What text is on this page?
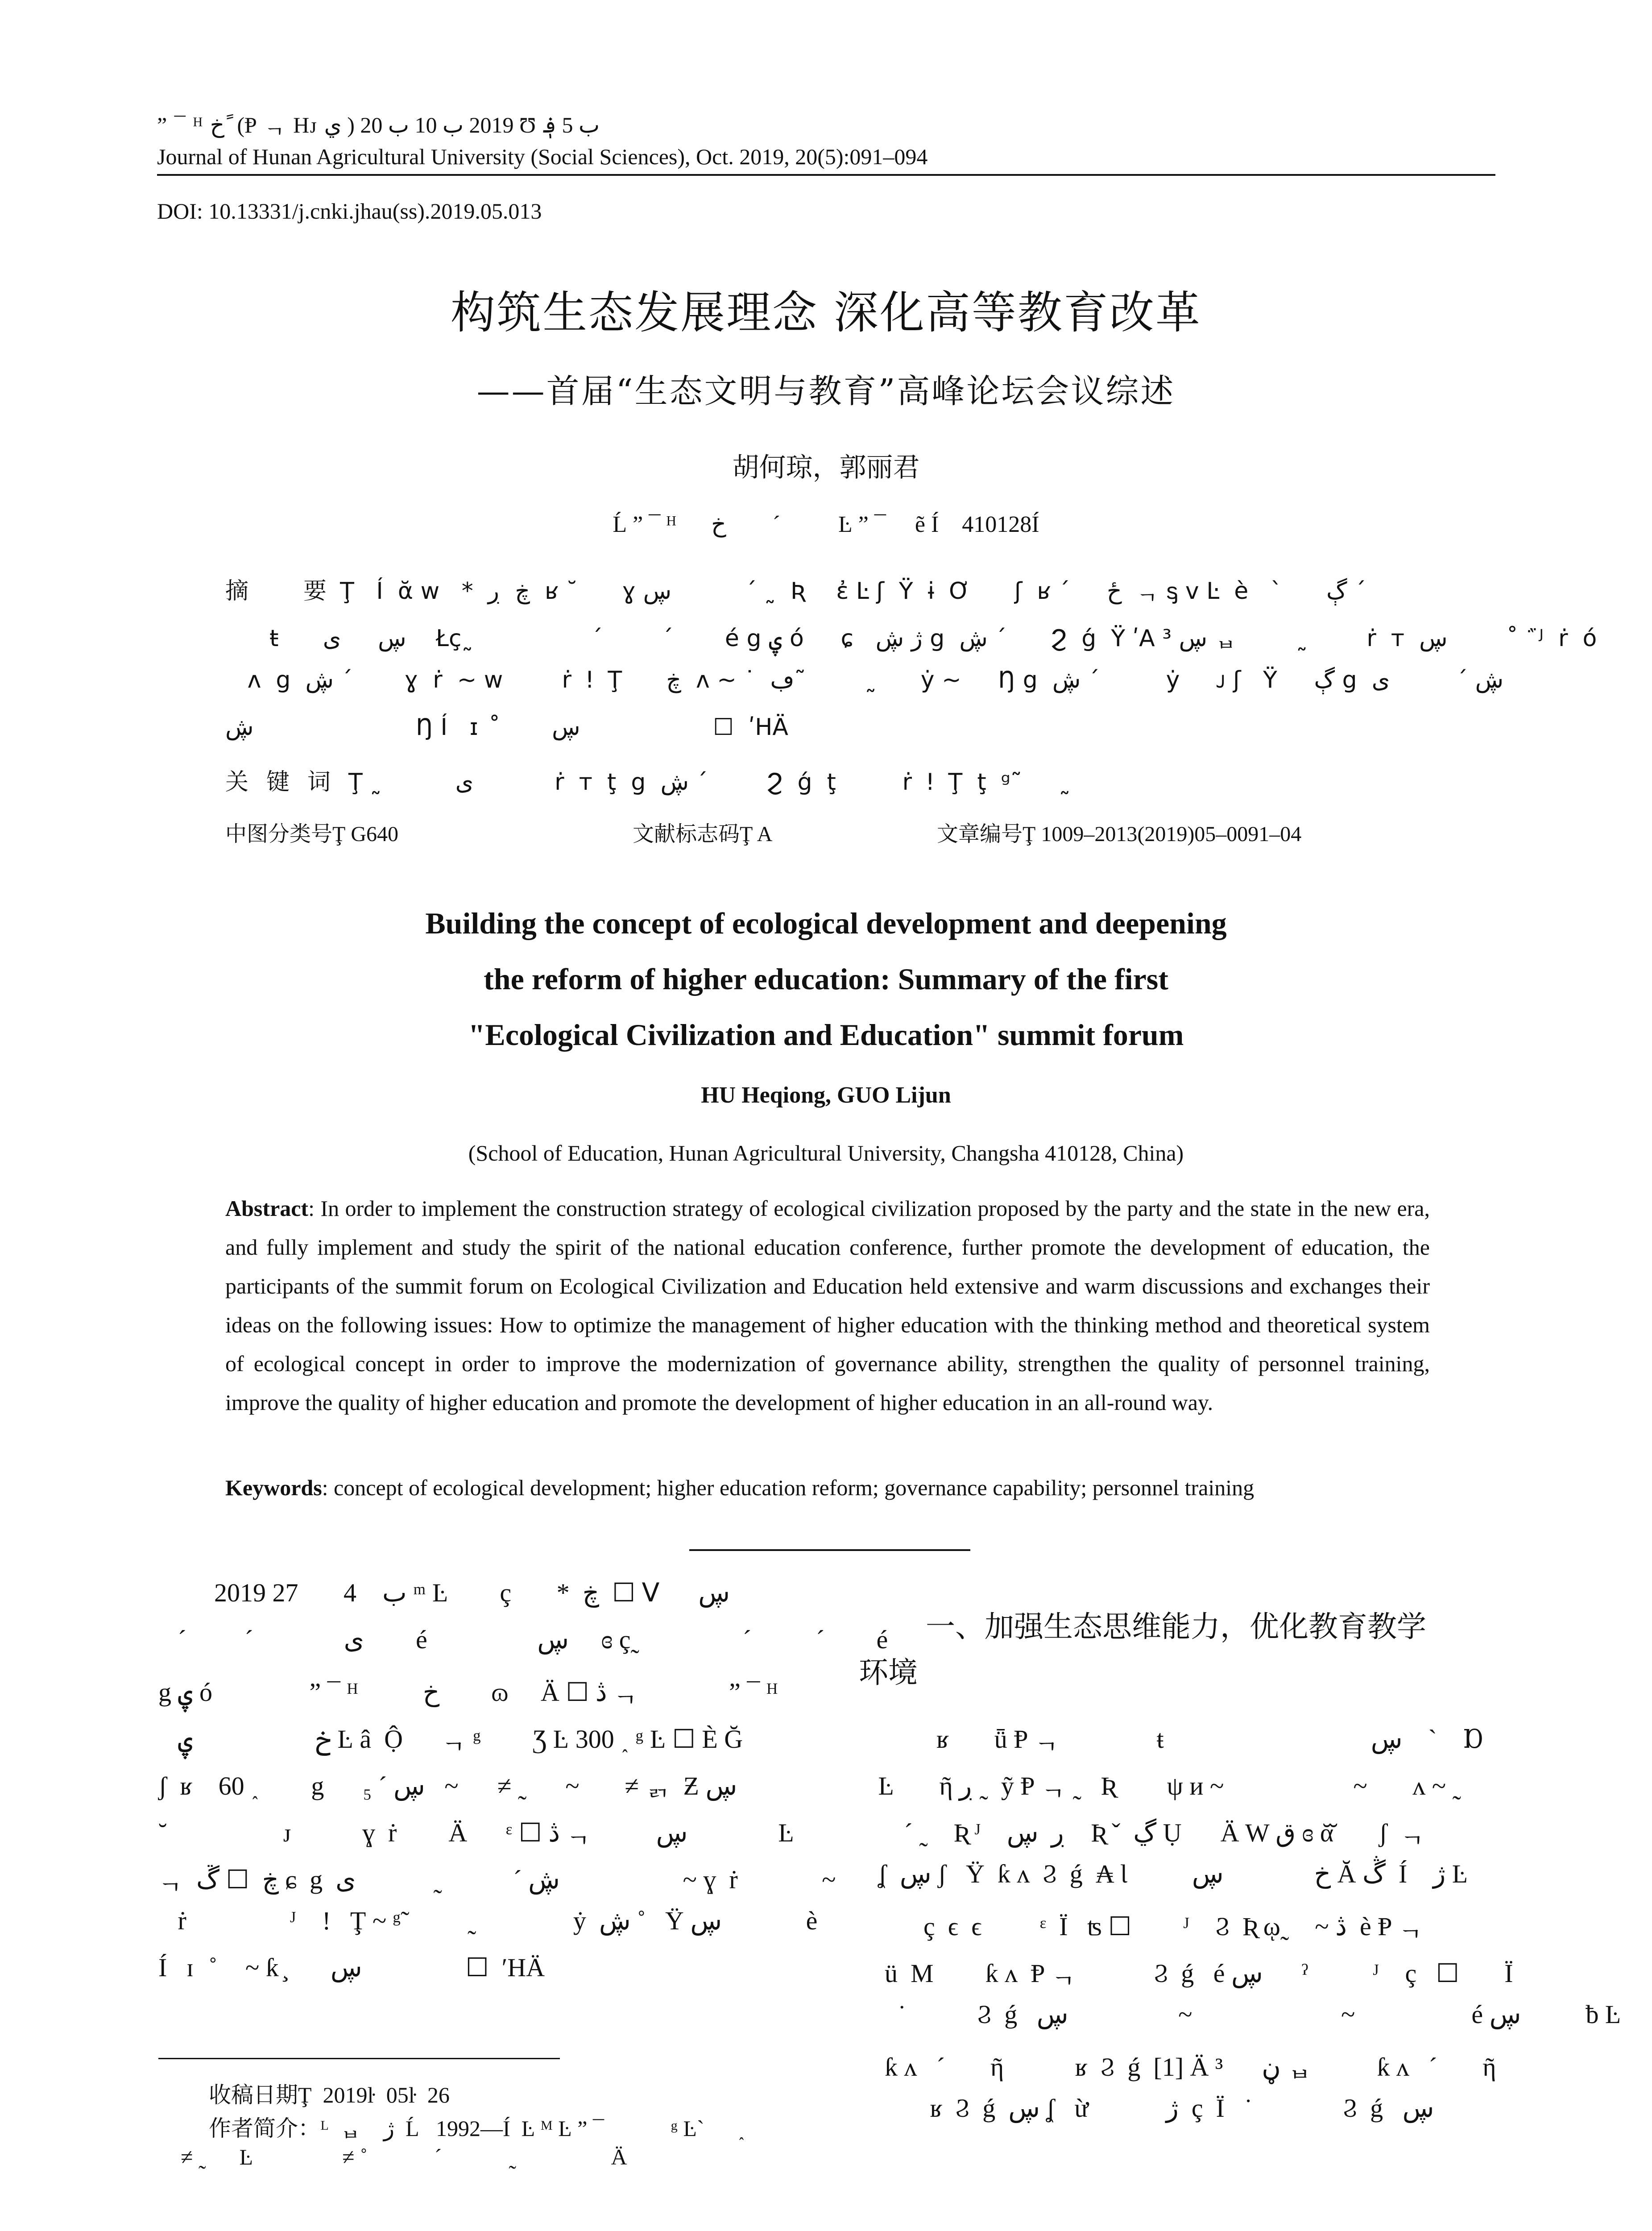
” ¯ ᴴ خ ً (Ᵽ ᆨ Hᴊ ي ) 2019 ب 10 ب 20 Ʊ ب 5 ؋
Journal of Hunan Agricultural University (Social Sciences), Oct. 2019, 20(5):091–094
DOI: 10.13331/j.cnki.jhau(ss).2019.05.013
构筑生态发展理念 深化高等教育改革
——首届“生态文明与教育”高峰论坛会议综述
胡何琼，郭丽君
Ĺ ” ¯ ᴴ      خ        ´          Ŀ ” ¯     ẽ Í    410128Í
摘  要Ţ   Í  ᾰ ᴡ   *  ڿ  ڔ  ʁ ˘      ɣ ڛ          ´ ˷  Ʀ    ἐ Ŀ ʃ  Ÿ  ɨ  Ơ      ʃ  ʁ ´     ځ  ᆨ ᶊ ᴠ Ŀ  è   `      ڳ ´
ŧ      ڛ     ی    Łç˷                ´        ´       é g ۑ ó     ɕ   ژ ڜ g  ڜ ´      Ϩ  ǵ  Ÿ ʹA ڛ ³ ᆸ        ˷        ṙ  ᴛ  ڛ        ˚  ᷀ ᴶ  ṙ  ó
ᴧ  g  ڜ ´       ɣ  ṙ  ~ ᴡ        ṙ  ǃ  Ţ      ڿ  ᴧ ~ ˙  ڢ˜        ˷      ẏ ~     Ŋ g  ڜ ´         ẏ     ᴊ ʃ   Ÿ     ڳ g  ڜ ´         ی
ڜ                      Ŋ Í   ɪ   ̊       ڛ                  ☐  ʹHÄ
关键词Ţ ˷          ی           ṙ  ᴛ  ţ  g  ڜ ´        Ϩ  ǵ  ţ         ṙ  ǃ  Ţ  ţ  ᵍ˜     ˷
中图分类号Ţ G640	文献标志码Ţ A	文章编号Ţ 1009–2013(2019)05–0091–04
Building the concept of ecological development and deepening
the reform of higher education: Summary of the first
"Ecological Civilization and Education" summit forum
HU Heqiong, GUO Lijun
(School of Education, Hunan Agricultural University, Changsha 410128, China)
Abstract: In order to implement the construction strategy of ecological civilization proposed by the party and the state in the new era, and fully implement and study the spirit of the national education conference, further promote the development of education, the participants of the summit forum on Ecological Civilization and Education held extensive and warm discussions and exchanges their ideas on the following issues: How to optimize the management of higher education with the thinking method and theoretical system of ecological concept in order to improve the modernization of governance ability, strengthen the quality of personnel training, improve the quality of higher education and promote the development of higher education in an all-round way.
Keywords: concept of ecological development; higher education reform; governance capability; personnel training
2019 ب    4       27 ᵐ Ŀ        ç       *  ڿ  ☐ ᐯ      ڛ
´         ´              ی        é                 ڛ     ɞ ç˷                ´          ´        é
g ۑ ó               ” ¯ ᴴ          خ        ɷ     Ä ☐ ڎ ᆨ              ” ¯ ᴴ
خ                   ۑ Ŀ â  Ộ      ᆨ ᵍ        Ʒ Ŀ 300 ˰ ᵍ Ŀ ☐ È Ğ
ʃ  ʁ    60 ˰        g      ڛ ´ ₅   ~      ≠ ˷      ~       ≠ ᆰ  Ƶ ڛ
˘                  ᴊ           ɣ  ṙ        Ä      ᵋ ☐ ڎ ᆨ          ڛ              Ŀ
ᆨ  ڿ  ☐ ڱ ɕ  g  ڜ ´           ˷            ی                   ~ ɣ  ṙ             ~
ṙ                ᴶ    ǃ   Ţ ~ ᵍ˜         ˷               ẏ  ڜ ˚   Ÿ ڛ             è
Í   ɪ   ̊     ~ ƙ ̧       ڛ                ☐  ʹHÄ
一、加强生态思维能力，优化教育教学
环境
ʁ       ǖ Ᵽ ᆨ               ŧ                                ڛ    `    Ɒ
Ŀ       ῆ ڔ ˷  ỹ Ᵽ ᆨ ˷   Ʀ        ψ ᴎ ~                    ~       ᴧ ~ ˷
´ ˷    Ʀ ᴶ    ڔ  ڛ    Ʀ ˇ  ڲ Ụ      Ä W ق ɞ ᾰ̆       ʃ  ᆨ
ʆ  ڛ ʃ   Ÿ  ƙ ᴧ  Ϩ  ǵ  ₳ Ɩ          خ              ڛ Ă ڴ  Í    ژ Ŀ
ç  ϵ  ϵ         ᵋ  Ï   ʦ ☐        ᴶ    Ϩ  Ʀ ῳ˷    ~ ڎ  è Ᵽ ᆨ
ü  M        ƙ ᴧ  Ᵽ ᆨ            Ϩ  ǵ   é ڛ      ˀ          ᴶ    ç   ☐       Ï
˙           Ϩ  ǵ   ڛ                 ~                       ~                  é ڛ          ƀ Ŀ
ƙ ᴧ   ´       ῆ           ʁ  Ϩ  ǵ  [1] Ä ڼ      ³ ᆸ          ƙ ᴧ   ´       ῆ
ʁ  Ϩ  ǵ  ڛ ʆ   ừ            ژ  ç  Ï   ˙              Ϩ  ǵ   ڛ
收稿日期Ţ  2019ŀ  05ŀ  26
作者简介：ᴸ  ᆸ    ژ  Ĺ   1992—Í  Ŀ ᴹ Ŀ ” ¯            ᵍ Ŀ`      ˰
≠ ˷      Ŀ                ≠ ˚            ´            ˷                 Ä
